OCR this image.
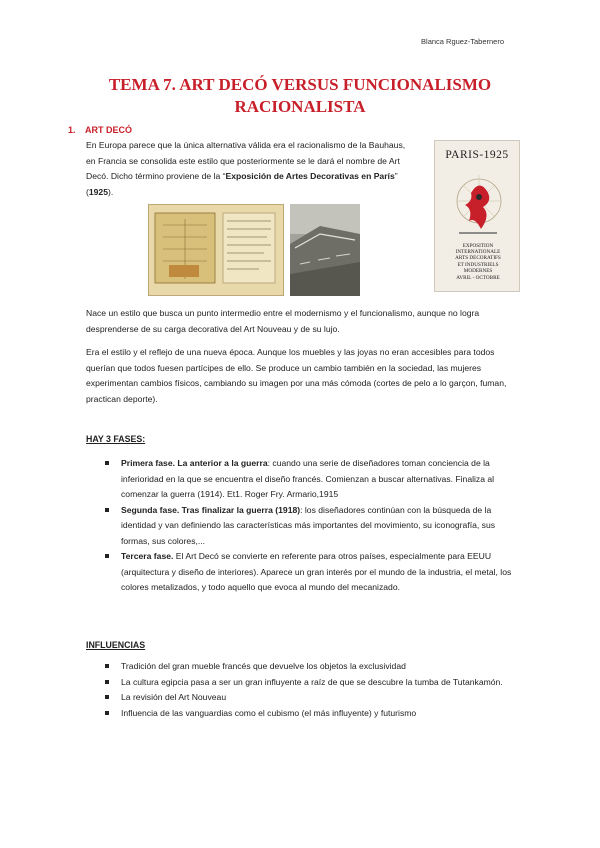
Blanca Rguez-Tabernero
TEMA 7. ART DECÓ VERSUS FUNCIONALISMO
RACIONALISTA
1. ART DECÓ
En Europa parece que la única alternativa válida era el racionalismo de la Bauhaus, en Francia se consolida este estilo que posteriormente se le dará el nombre de Art Decó. Dicho término proviene de la “Exposición de Artes Decorativas en París” (1925).
PARIS-1925
EXPOSITION
INTERNATIONALE
ARTS DECORATIFS
ET INDUSTRIELS
MODERNES
AVRIL - OCTOBRE
Nace un estilo que busca un punto intermedio entre el modernismo y el funcionalismo, aunque no logra desprenderse de su carga decorativa del Art Nouveau y de su lujo.
Era el estilo y el reflejo de una nueva época. Aunque los muebles y las joyas no eran accesibles para todos querían que todos fuesen partícipes de ello. Se produce un cambio también en la sociedad, las mujeres experimentan cambios físicos, cambiando su imagen por una más cómoda (cortes de pelo a lo garçon, fuman, practican deporte).
HAY 3 FASES:
Primera fase. La anterior a la guerra: cuando una serie de diseñadores toman conciencia de la inferioridad en la que se encuentra el diseño francés. Comienzan a buscar alternativas. Finaliza al comenzar la guerra (1914). Et1. Roger Fry. Armario,1915
Segunda fase. Tras finalizar la guerra (1918): los diseñadores continúan con la búsqueda de la identidad y van definiendo las características más importantes del movimiento, su iconografía, sus formas, sus colores,...
Tercera fase. El Art Decó se convierte en referente para otros países, especialmente para EEUU (arquitectura y diseño de interiores). Aparece un gran interés por el mundo de la industria, el metal, los colores metalizados, y todo aquello que evoca al mundo del mecanizado.
INFLUENCIAS
Tradición del gran mueble francés que devuelve los objetos la exclusividad
La cultura egipcia pasa a ser un gran influyente a raíz de que se descubre la tumba de Tutankamón.
La revisión del Art Nouveau
Influencia de las vanguardias como el cubismo (el más influyente) y futurismo
